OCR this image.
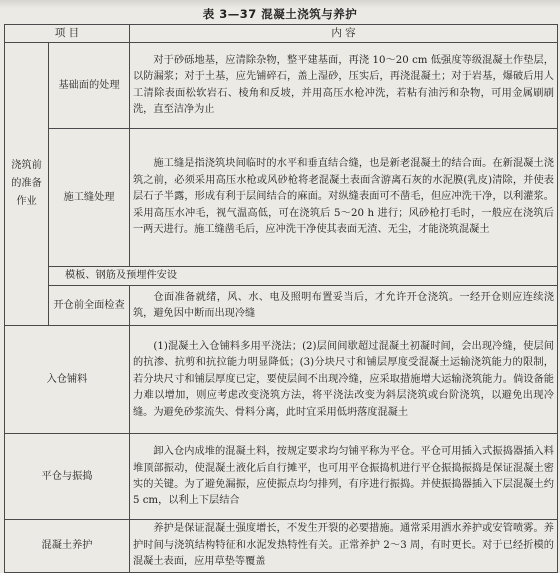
表 3—37 混凝土浇筑与养护
项 目		内 容
浇筑前的准备作业	基础面的处理	对于砂砾地基，应清除杂物，整平建基面，再浇 10～20 cm 低强度等级混凝土作垫层，以防漏浆；对于土基，应先铺碎石，盖上湿砂，压实后，再浇混凝土；对于岩基，爆破后用人工清除表面松软岩石、棱角和反坡，并用高压水枪冲洗，若粘有油污和杂物，可用金属刷刷洗，直至洁净为止
	施工缝处理	施工缝是指浇筑块间临时的水平和垂直结合缝，也是新老混凝土的结合面。在新混凝土浇筑之前，必须采用高压水枪或风砂枪将老混凝土表面含游离石灰的水泥膜(乳皮)清除，并使表层石子半露，形成有利于层间结合的麻面。对纵缝表面可不凿毛，但应冲洗干净，以利灌浆。采用高压水冲毛，视气温高低，可在浇筑后 5～20 h 进行；风砂枪打毛时，一般应在浇筑后一两天进行。施工缝凿毛后，应冲洗干净使其表面无渣、无尘，才能浇筑混凝土
	模板、钢筋及预埋件安设	
	开仓前全面检查	仓面准备就绪，风、水、电及照明布置妥当后，才允许开仓浇筑。一经开仓则应连续浇筑，避免因中断而出现冷缝
入仓铺料		(1)混凝土入仓铺料多用平浇法；(2)层间间歇超过混凝土初凝时间，会出现冷缝，使层间的抗渗、抗剪和抗拉能力明显降低；(3)分块尺寸和铺层厚度受混凝土运输浇筑能力的限制，若分块尺寸和铺层厚度已定，要使层间不出现冷缝，应采取措施增大运输浇筑能力。倘设备能力难以增加，则应考虑改变浇筑方法，将平浇法改变为斜层浇筑或台阶浇筑，以避免出现冷缝。为避免砂浆流失、骨料分离，此时宜采用低坍落度混凝土
平仓与振捣		卸入仓内成堆的混凝土料，按规定要求均匀铺平称为平仓。平仓可用插入式振捣器插入料堆顶部振动，使混凝土液化后自行摊平，也可用平仓振捣机进行平仓振捣振捣是保证混凝土密实的关键。为了避免漏振，应使振点均匀排列，有序进行振捣。并使振捣器插入下层混凝土约 5 cm，以利上下层结合
混凝土养护		养护是保证混凝土强度增长，不发生开裂的必要措施。通常采用洒水养护或安管喷雾。养护时间与浇筑结构特征和水泥发热特性有关。正常养护 2～3 周，有时更长。对于已经折模的混凝土表面，应用草垫等覆盖
